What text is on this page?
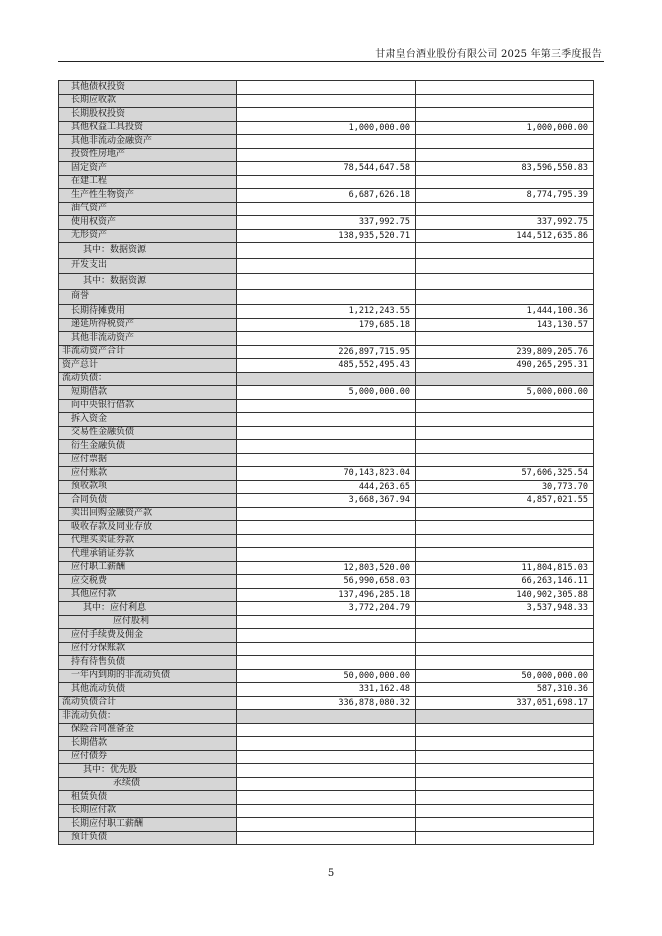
甘肃皇台酒业股份有限公司 2025 年第三季度报告
其他债权投资		
长期应收款		
长期股权投资		
其他权益工具投资	1,000,000.00	1,000,000.00
其他非流动金融资产		
投资性房地产		
固定资产	78,544,647.58	83,596,550.83
在建工程		
生产性生物资产	6,687,626.18	8,774,795.39
油气资产		
使用权资产	337,992.75	337,992.75
无形资产	138,935,520.71	144,512,635.86
其中：数据资源		
开发支出		
其中：数据资源		
商誉		
长期待摊费用	1,212,243.55	1,444,100.36
递延所得税资产	179,685.18	143,130.57
其他非流动资产		
非流动资产合计	226,897,715.95	239,809,205.76
资产总计	485,552,495.43	490,265,295.31
流动负债：		
短期借款	5,000,000.00	5,000,000.00
向中央银行借款		
拆入资金		
交易性金融负债		
衍生金融负债		
应付票据		
应付账款	70,143,823.04	57,606,325.54
预收款项	444,263.65	30,773.70
合同负债	3,668,367.94	4,857,021.55
卖出回购金融资产款		
吸收存款及同业存放		
代理买卖证券款		
代理承销证券款		
应付职工薪酬	12,803,520.00	11,804,815.03
应交税费	56,990,658.03	66,263,146.11
其他应付款	137,496,285.18	140,902,305.88
其中：应付利息	3,772,204.79	3,537,948.33
应付股利		
应付手续费及佣金		
应付分保账款		
持有待售负债		
一年内到期的非流动负债	50,000,000.00	50,000,000.00
其他流动负债	331,162.48	587,310.36
流动负债合计	336,878,080.32	337,051,698.17
非流动负债：		
保险合同准备金		
长期借款		
应付债券		
其中：优先股		
永续债		
租赁负债		
长期应付款		
长期应付职工薪酬		
预计负债		
5
